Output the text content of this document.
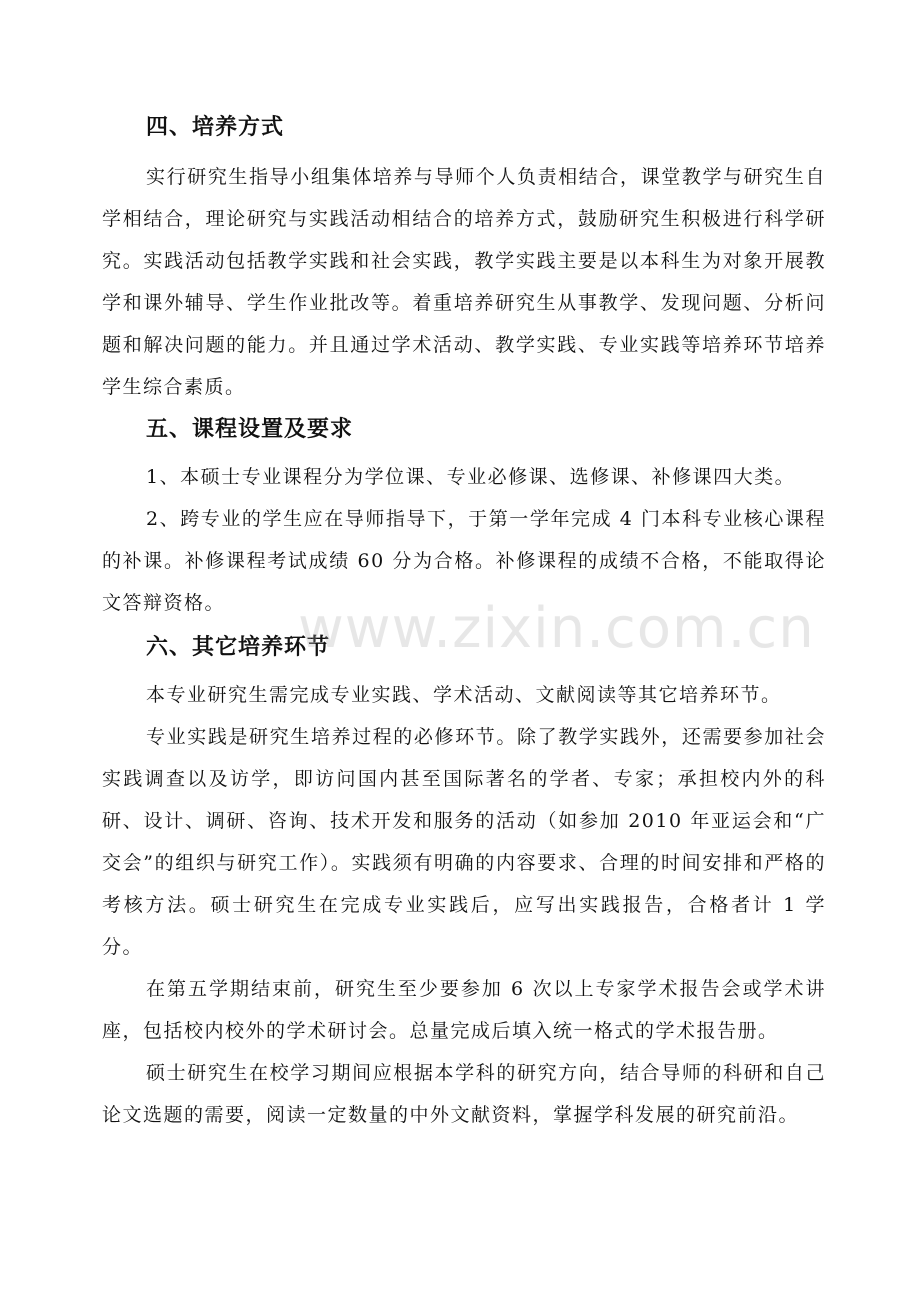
四、培养方式

实行研究生指导小组集体培养与导师个人负责相结合，课堂教学与研究生自学相结合，理论研究与实践活动相结合的培养方式，鼓励研究生积极进行科学研究。实践活动包括教学实践和社会实践，教学实践主要是以本科生为对象开展教学和课外辅导、学生作业批改等。着重培养研究生从事教学、发现问题、分析问题和解决问题的能力。并且通过学术活动、教学实践、专业实践等培养环节培养学生综合素质。

五、课程设置及要求

1、本硕士专业课程分为学位课、专业必修课、选修课、补修课四大类。

2、跨专业的学生应在导师指导下，于第一学年完成 4 门本科专业核心课程的补课。补修课程考试成绩 60 分为合格。补修课程的成绩不合格，不能取得论文答辩资格。

六、其它培养环节

本专业研究生需完成专业实践、学术活动、文献阅读等其它培养环节。

专业实践是研究生培养过程的必修环节。除了教学实践外，还需要参加社会实践调查以及访学，即访问国内甚至国际著名的学者、专家；承担校内外的科研、设计、调研、咨询、技术开发和服务的活动（如参加 2010 年亚运会和“广交会”的组织与研究工作）。实践须有明确的内容要求、合理的时间安排和严格的考核方法。硕士研究生在完成专业实践后，应写出实践报告，合格者计 1 学分。

在第五学期结束前，研究生至少要参加 6 次以上专家学术报告会或学术讲座，包括校内校外的学术研讨会。总量完成后填入统一格式的学术报告册。

硕士研究生在校学习期间应根据本学科的研究方向，结合导师的科研和自己论文选题的需要，阅读一定数量的中外文献资料，掌握学科发展的研究前沿。

www.zixin.com.cn
